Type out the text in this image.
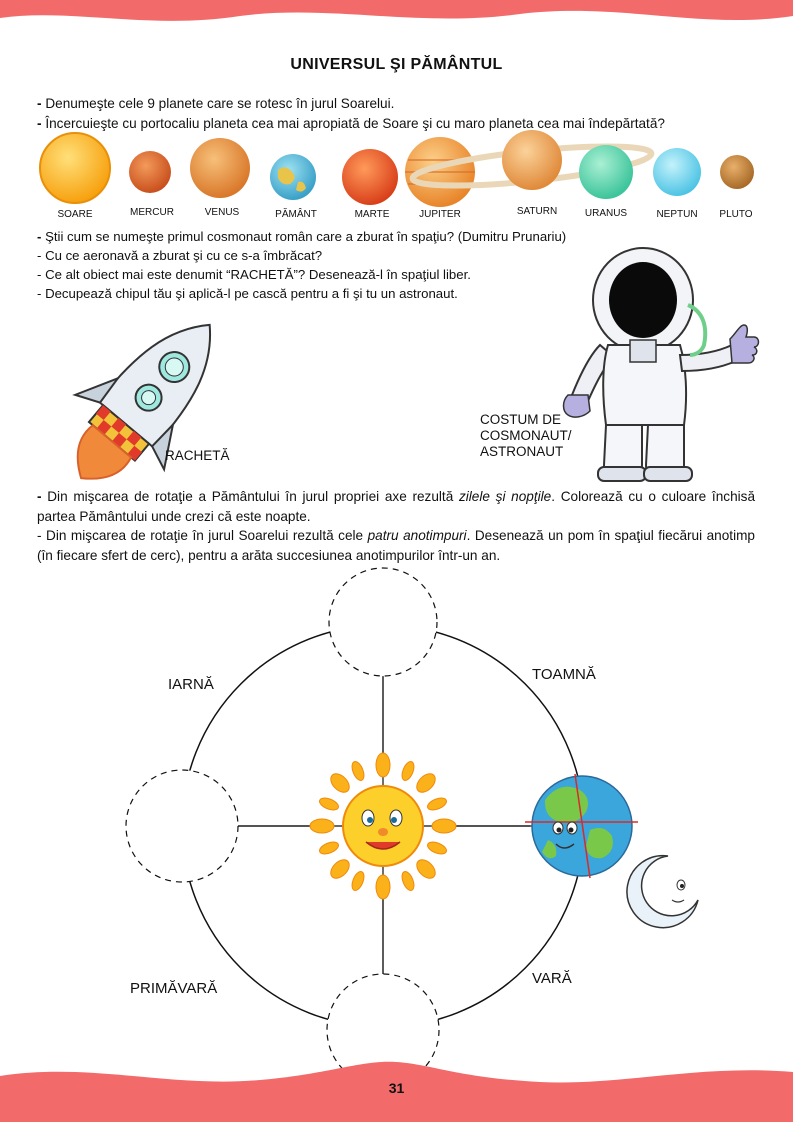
UNIVERSUL ŞI PĂMÂNTUL

- Denumeşte cele 9 planete care se rotesc în jurul Soarelui.

- Încercuieşte cu portocaliu planeta cea mai apropiată de Soare şi cu maro planeta cea mai îndepărtată?

SOARE	MERCUR	VENUS	PĂMÂNT	MARTE	JUPITER	SATURN	URANUS	NEPTUN	PLUTO

- Ştii cum se numeşte primul cosmonaut român care a zburat în spaţiu? (Dumitru Prunariu)

- Cu ce aeronavă a zburat şi cu ce s-a îmbrăcat?

- Ce alt obiect mai este denumit “RACHETĂ”? Desenează-l în spaţiul liber.

- Decupează chipul tău şi aplică-l pe cască pentru a fi şi tu un astronaut.

RACHETĂ
COSTUM DE
COSMONAUT/
ASTRONAUT
- Din mişcarea de rotaţie a Pământului în jurul propriei axe rezultă zilele şi nopţile. Colorează cu o culoare închisă partea Pământului unde crezi că este noapte.
- Din mişcarea de rotaţie în jurul Soarelui rezultă cele patru anotimpuri. Desenează un pom în spaţiul fiecărui anotimp (în fiecare sfert de cerc), pentru a arăta succesiunea anotimpurilor într-un an.
IARNĂ
TOAMNĂ
PRIMĂVARĂ
VARĂ
31
